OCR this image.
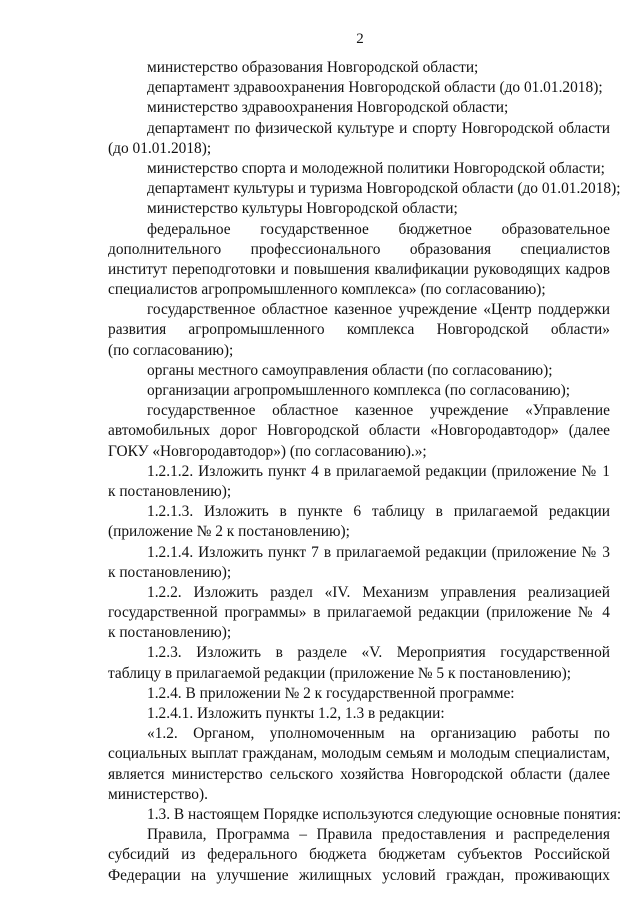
2
министерство образования Новгородской области;
департамент здравоохранения Новгородской области (до 01.01.2018);
министерство здравоохранения Новгородской области;
департамент по физической культуре и спорту Новгородской области
(до 01.01.2018);
министерство спорта и молодежной политики Новгородской области;
департамент культуры и туризма Новгородской области (до 01.01.2018);
министерство культуры Новгородской области;
федеральное государственное бюджетное образовательное
дополнительного профессионального образования специалистов
институт переподготовки и повышения квалификации руководящих кадров
специалистов агропромышленного комплекса» (по согласованию);
государственное областное казенное учреждение «Центр поддержки
развития агропромышленного комплекса Новгородской области»
(по согласованию);
органы местного самоуправления области (по согласованию);
организации агропромышленного комплекса (по согласованию);
государственное областное казенное учреждение «Управление
автомобильных дорог Новгородской области «Новгородавтодор» (далее
ГОКУ «Новгородавтодор») (по согласованию).»;
1.2.1.2. Изложить пункт 4 в прилагаемой редакции (приложение № 1
к постановлению);
1.2.1.3. Изложить в пункте 6 таблицу в прилагаемой редакции
(приложение № 2 к постановлению);
1.2.1.4. Изложить пункт 7 в прилагаемой редакции (приложение № 3
к постановлению);
1.2.2. Изложить раздел «IV. Механизм управления реализацией
государственной программы» в прилагаемой редакции (приложение № 4
к постановлению);
1.2.3. Изложить в разделе «V. Мероприятия государственной
таблицу в прилагаемой редакции (приложение № 5 к постановлению);
1.2.4. В приложении № 2 к государственной программе:
1.2.4.1. Изложить пункты 1.2, 1.3 в редакции:
«1.2. Органом, уполномоченным на организацию работы по
социальных выплат гражданам, молодым семьям и молодым специалистам,
является министерство сельского хозяйства Новгородской области (далее
министерство).
1.3. В настоящем Порядке используются следующие основные понятия:
Правила, Программа – Правила предоставления и распределения
субсидий из федерального бюджета бюджетам субъектов Российской
Федерации на улучшение жилищных условий граждан, проживающих
